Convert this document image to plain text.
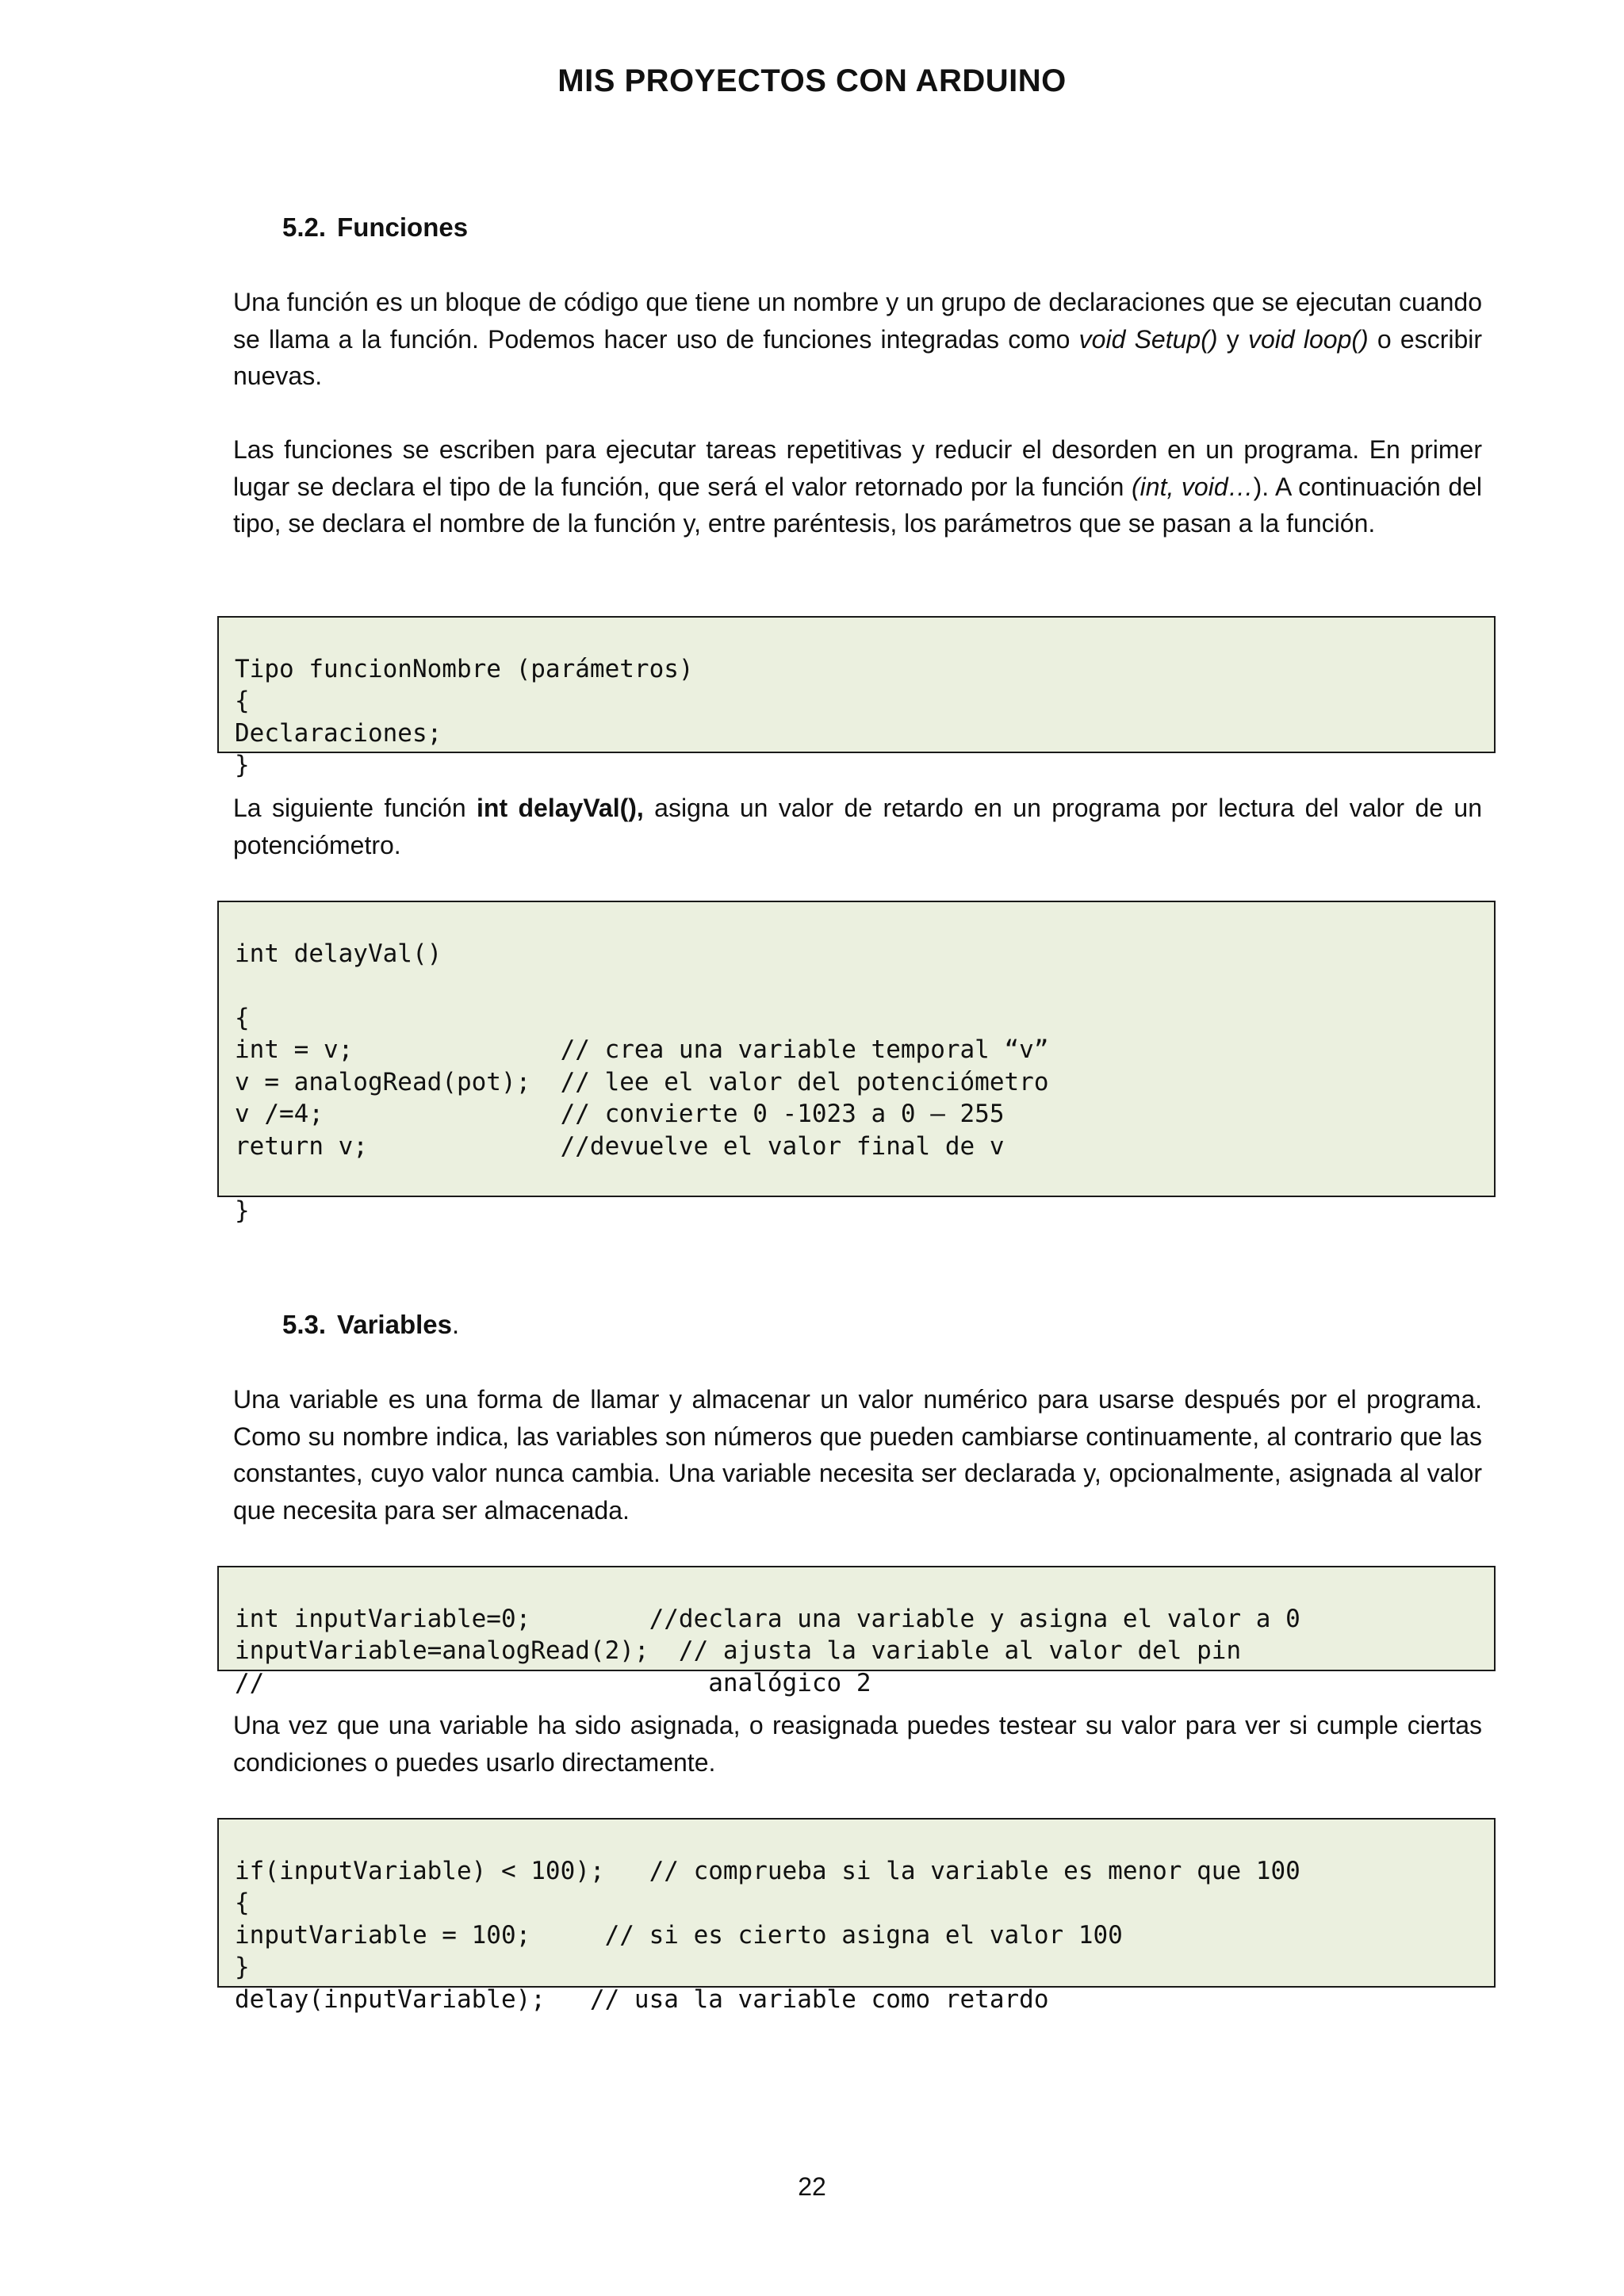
MIS PROYECTOS CON ARDUINO
5.2. Funciones

Una función es un bloque de código que tiene un nombre y un grupo de declaraciones que se ejecutan cuando se llama a la función. Podemos hacer uso de funciones integradas como void Setup() y void loop() o escribir nuevas.

Las funciones se escriben para ejecutar tareas repetitivas y reducir el desorden en un programa. En primer lugar se declara el tipo de la función, que será el valor retornado por la función (int, void…). A continuación del tipo, se declara el nombre de la función y, entre paréntesis, los parámetros que se pasan a la función.

Tipo funcionNombre (parámetros)
{
Declaraciones;
}

La siguiente función int delayVal(), asigna un valor de retardo en un programa por lectura del valor de un potenciómetro.

int delayVal()
{
int = v;              // crea una variable temporal “v”
v = analogRead(pot);  // lee el valor del potenciómetro
v /=4;                // convierte 0 -1023 a 0 – 255
return v;             //devuelve el valor final de v
}

5.3. Variables.

Una variable es una forma de llamar y almacenar un valor numérico para usarse después por el programa. Como su nombre indica, las variables son números que pueden cambiarse continuamente, al contrario que las constantes, cuyo valor nunca cambia. Una variable necesita ser declarada y, opcionalmente, asignada al valor que necesita para ser almacenada.

int inputVariable=0;        //declara una variable y asigna el valor a 0
inputVariable=analogRead(2);  // ajusta la variable al valor del pin
//                              analógico 2

Una vez que una variable ha sido asignada, o reasignada puedes testear su valor para ver si cumple ciertas condiciones o puedes usarlo directamente.

if(inputVariable) < 100);   // comprueba si la variable es menor que 100
{
inputVariable = 100;     // si es cierto asigna el valor 100
}
delay(inputVariable);   // usa la variable como retardo

22
